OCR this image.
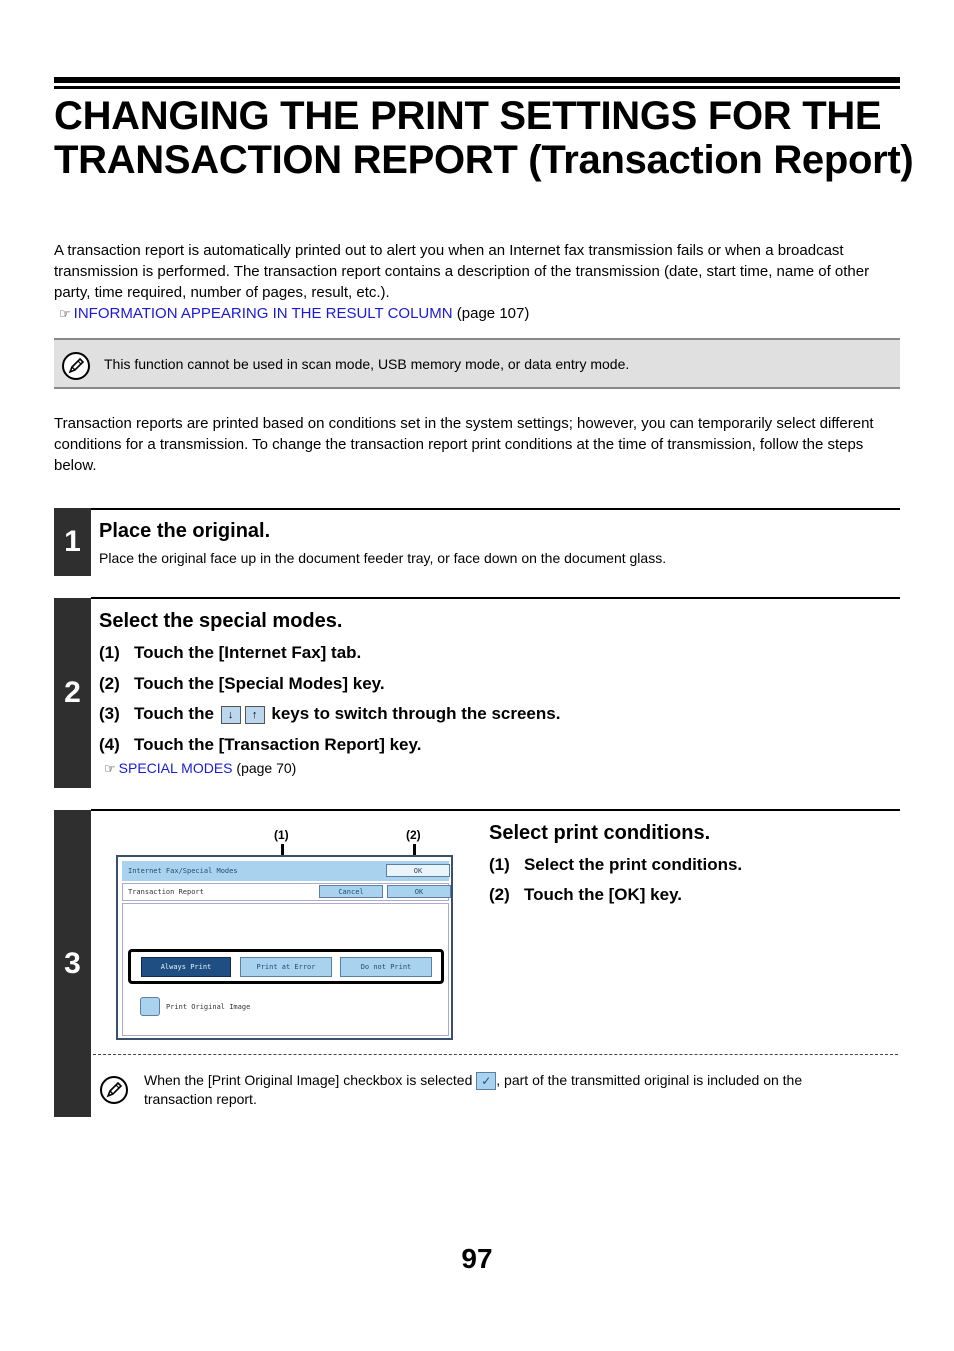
CHANGING THE PRINT SETTINGS FOR THE TRANSACTION REPORT (Transaction Report)
A transaction report is automatically printed out to alert you when an Internet fax transmission fails or when a broadcast transmission is performed. The transaction report contains a description of the transmission (date, start time, name of other party, time required, number of pages, result, etc.).
☞ INFORMATION APPEARING IN THE RESULT COLUMN (page 107)
This function cannot be used in scan mode, USB memory mode, or data entry mode.
Transaction reports are printed based on conditions set in the system settings; however, you can temporarily select different conditions for a transmission. To change the transaction report print conditions at the time of transmission, follow the steps below.
1 Place the original.
Place the original face up in the document feeder tray, or face down on the document glass.
2
Select the special modes.
(1) Touch the [Internet Fax] tab.
(2) Touch the [Special Modes] key.
(3) Touch the ↓ ↑ keys to switch through the screens.
(4) Touch the [Transaction Report] key.
☞ SPECIAL MODES (page 70)
3
(1)	(2)
Internet Fax/Special Modes	OK
Transaction Report	Cancel	OK
Always Print	Print at Error	Do not Print
Print Original Image
Select print conditions.
(1) Select the print conditions.
(2) Touch the [OK] key.
When the [Print Original Image] checkbox is selected ✓ , part of the transmitted original is included on the transaction report.
97
